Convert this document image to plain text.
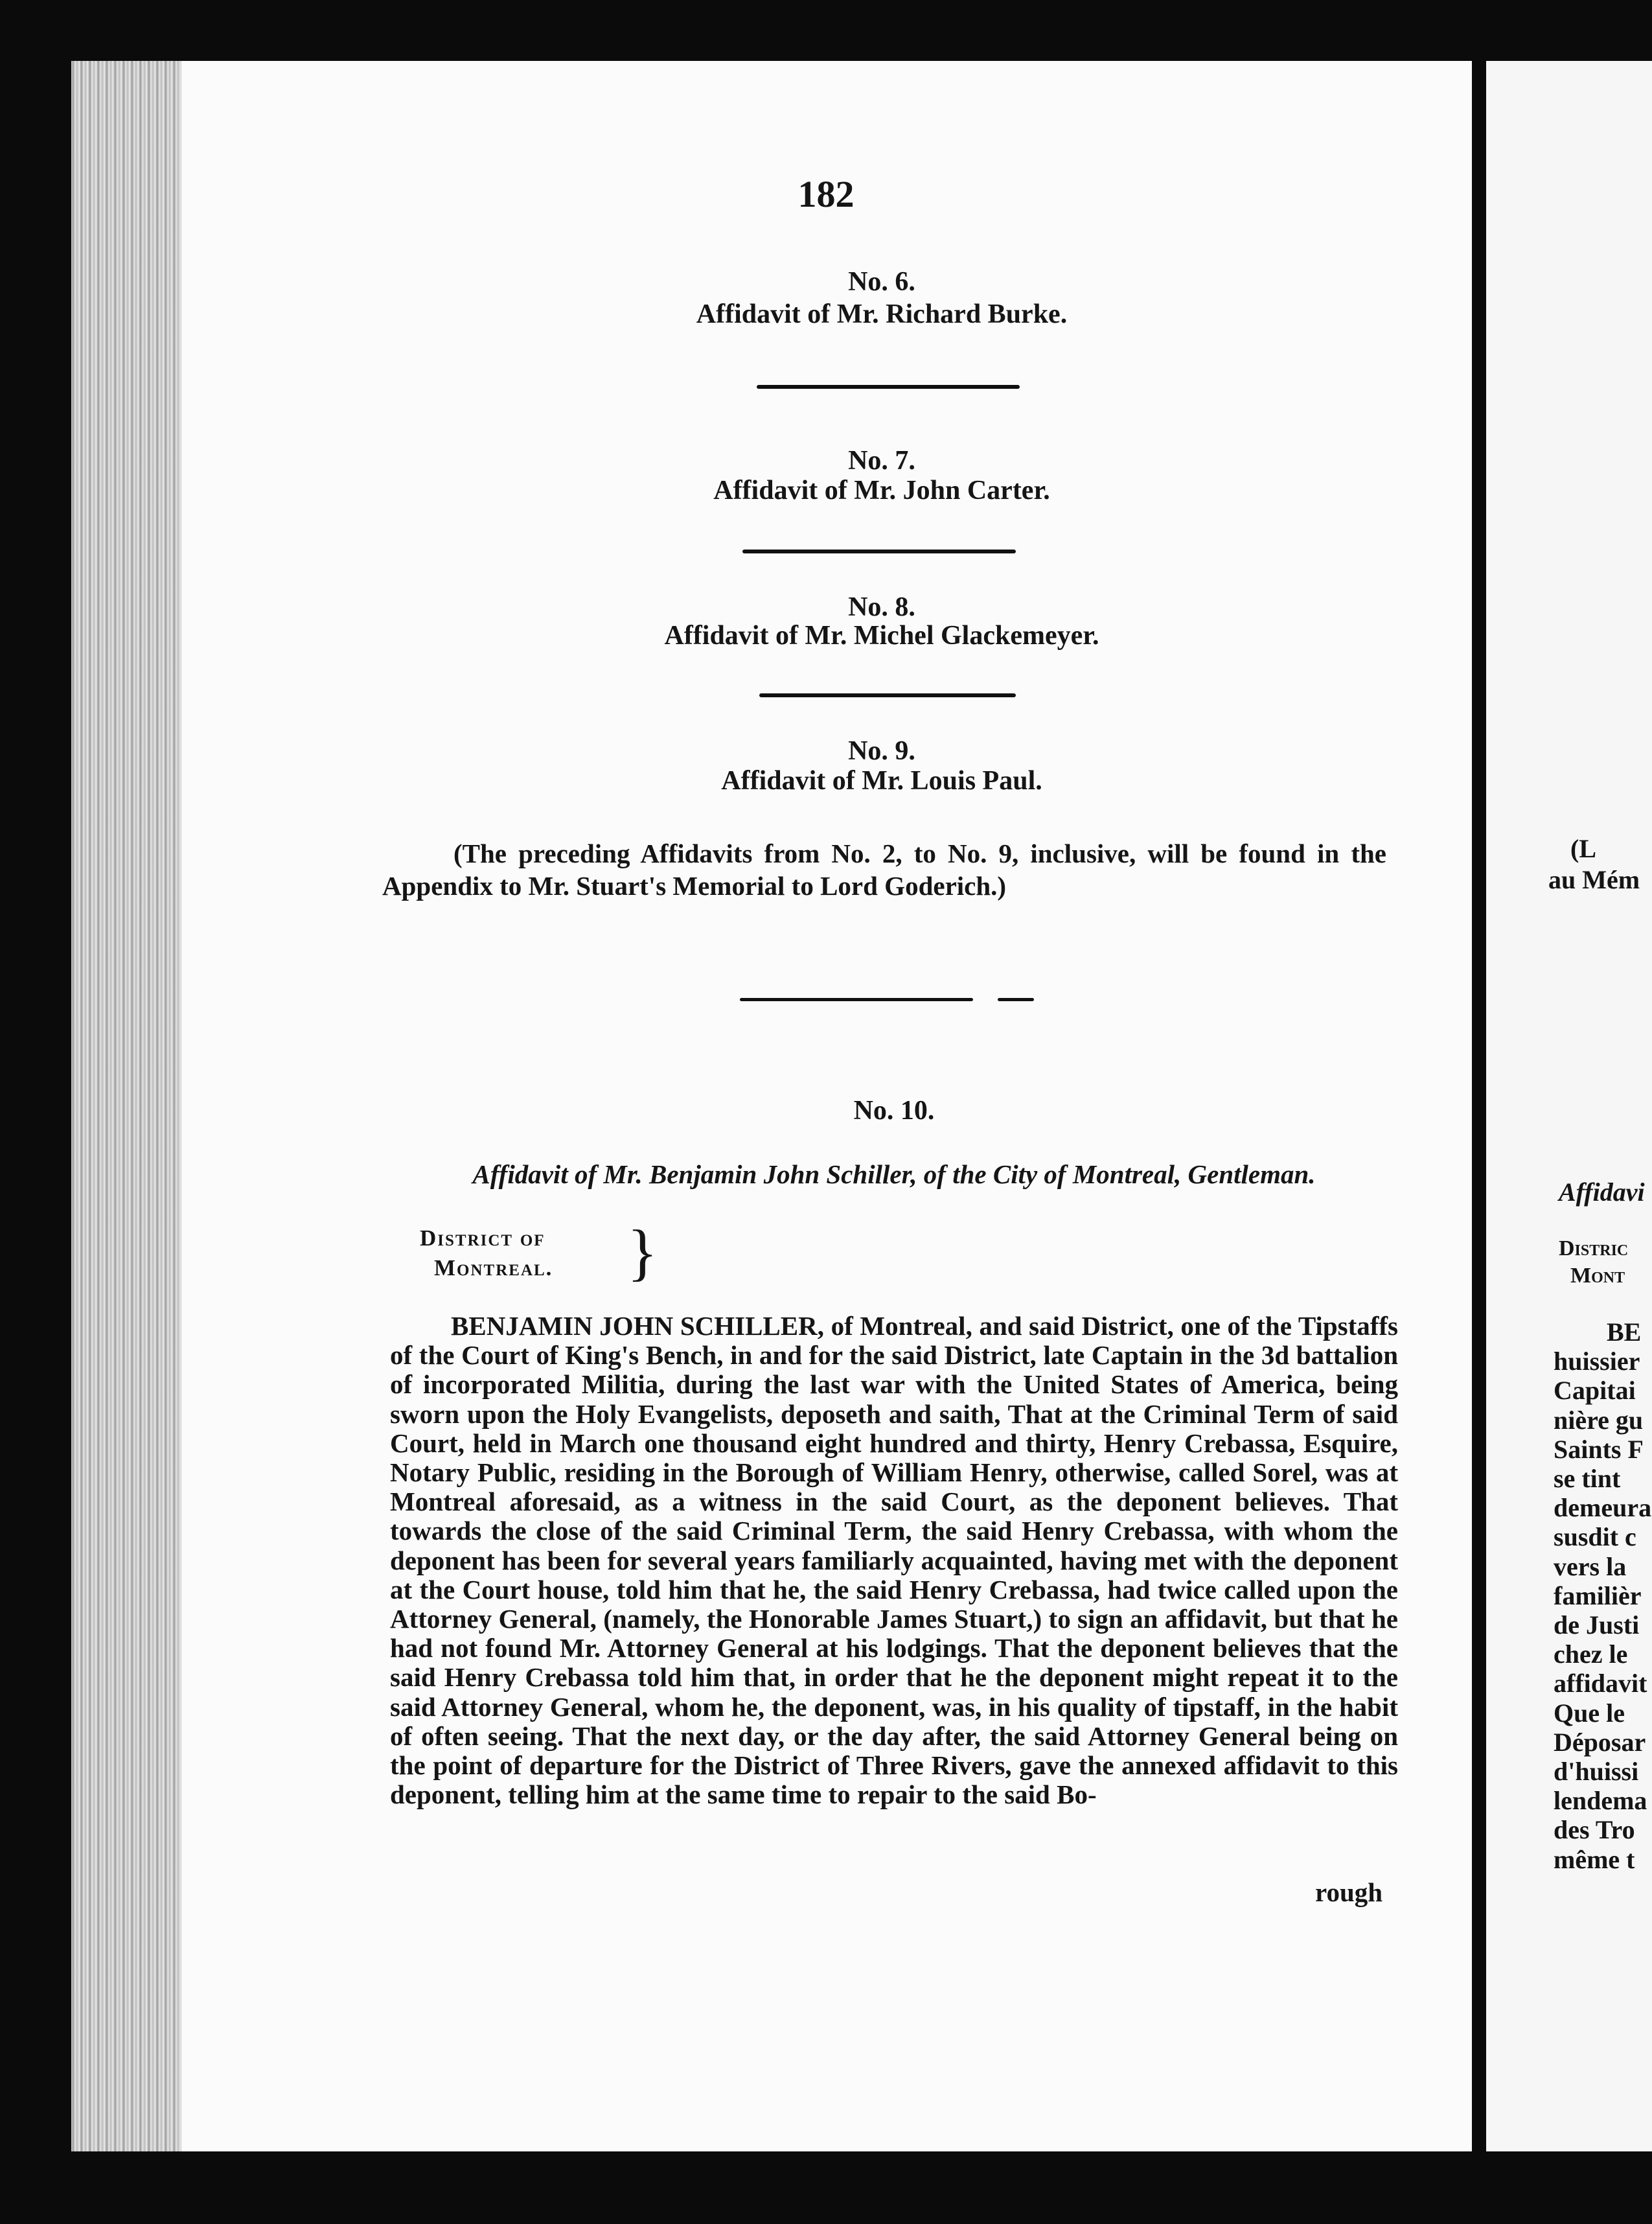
(L
au Mém
Affidavi
Distric
Mont
BE
huissier
Capitai
nière gu
Saints F
se tint
demeura
susdit c
vers la
familièr
de Justi
chez le
affidavit
Que le
Déposar
d'huissi
lendema
des Tro
même t
182
No. 6.
Affidavit of Mr. Richard Burke.
No. 7.
Affidavit of Mr. John Carter.
No. 8.
Affidavit of Mr. Michel Glackemeyer.
No. 9.
Affidavit of Mr. Louis Paul.
(The preceding Affidavits from No. 2, to No. 9, inclusive, will be found in the Appendix to Mr. Stuart's Memorial to Lord Goderich.)
No. 10.
Affidavit of Mr. Benjamin John Schiller, of the City of Montreal, Gentleman.
District of
Montreal. }
BENJAMIN JOHN SCHILLER, of Montreal, and said District, one of the Tipstaffs of the Court of King's Bench, in and for the said District, late Captain in the 3d battalion of incorporated Militia, during the last war with the United States of America, being sworn upon the Holy Evangelists, deposeth and saith, That at the Criminal Term of said Court, held in March one thousand eight hundred and thirty, Henry Crebassa, Esquire, Notary Public, residing in the Borough of William Henry, otherwise, called Sorel, was at Montreal aforesaid, as a witness in the said Court, as the deponent believes. That towards the close of the said Criminal Term, the said Henry Crebassa, with whom the deponent has been for several years familiarly acquainted, having met with the deponent at the Court house, told him that he, the said Henry Crebassa, had twice called upon the Attorney General, (namely, the Honorable James Stuart,) to sign an affidavit, but that he had not found Mr. Attorney General at his lodgings. That the deponent believes that the said Henry Crebassa told him that, in order that he the deponent might repeat it to the said Attorney General, whom he, the deponent, was, in his quality of tipstaff, in the habit of often seeing. That the next day, or the day after, the said Attorney General being on the point of departure for the District of Three Rivers, gave the annexed affidavit to this deponent, telling him at the same time to repair to the said Bo-
rough
